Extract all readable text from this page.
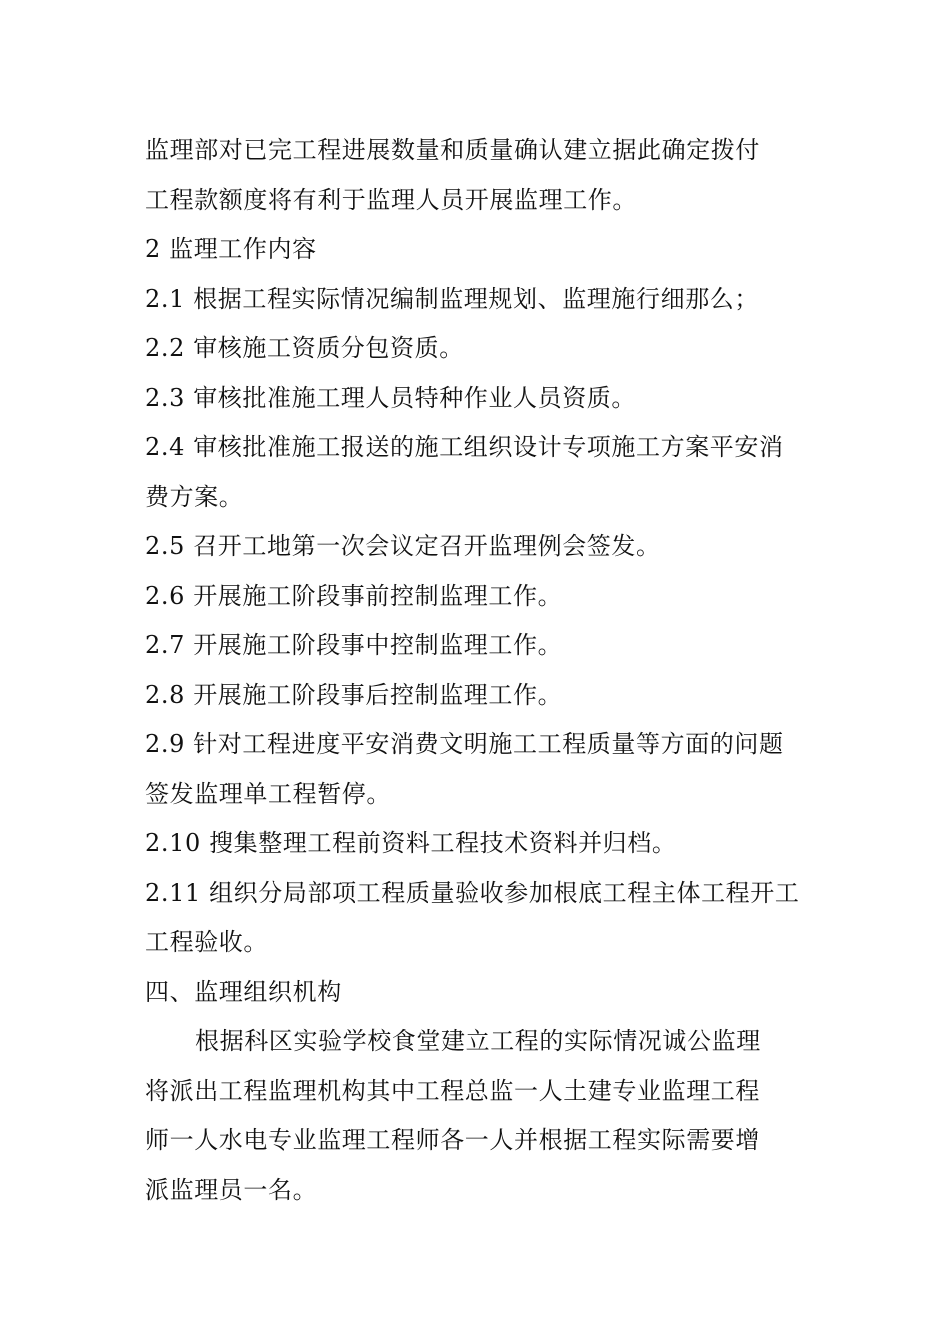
监理部对已完工程进展数量和质量确认建立据此确定拨付
工程款额度将有利于监理人员开展监理工作。
2 监理工作内容
2.1 根据工程实际情况编制监理规划、监理施行细那么；
2.2 审核施工资质分包资质。
2.3 审核批准施工理人员特种作业人员资质。
2.4 审核批准施工报送的施工组织设计专项施工方案平安消
费方案。
2.5 召开工地第一次会议定召开监理例会签发。
2.6 开展施工阶段事前控制监理工作。
2.7 开展施工阶段事中控制监理工作。
2.8 开展施工阶段事后控制监理工作。
2.9 针对工程进度平安消费文明施工工程质量等方面的问题
签发监理单工程暂停。
2.10 搜集整理工程前资料工程技术资料并归档。
2.11 组织分局部项工程质量验收参加根底工程主体工程开工
工程验收。
四、监理组织机构
根据科区实验学校食堂建立工程的实际情况诚公监理
将派出工程监理机构其中工程总监一人土建专业监理工程
师一人水电专业监理工程师各一人并根据工程实际需要增
派监理员一名。
